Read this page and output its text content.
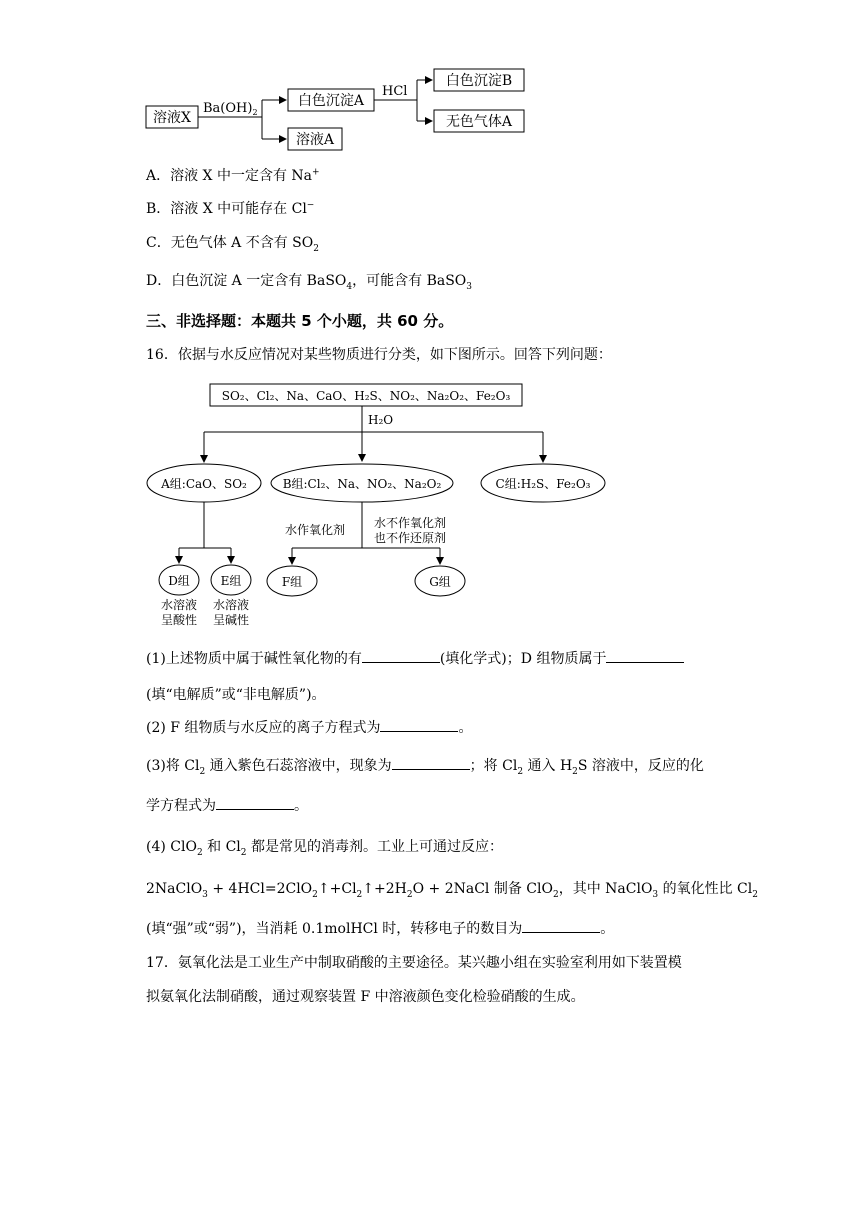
溶液X
$Ba(OH)_2$
白色沉淀A
溶液A
HCl
白色沉淀B
无色气体A
A．溶液 X 中一定含有 Na+
B．溶液 X 中可能存在 Cl−
C．无色气体 A 不含有 $SO_2$
D．白色沉淀 A 一定含有 BaSO$_4$，可能含有 BaSO$_3$
三、非选择题：本题共 5 个小题，共 60 分。
16．依据与水反应情况对某些物质进行分类，如下图所示。回答下列问题：
SO₂、Cl₂、Na、CaO、H₂S、NO₂、Na₂O₂、Fe₂O₃
H₂O
A组:CaO、SO₂	B组:Cl₂、Na、NO₂、Na₂O₂	C组:H₂S、Fe₂O₃
D组	E组
水溶液
呈酸性
水溶液
呈碱性
水作氧化剂 水不作氧化剂
也不作还原剂
F组	G组
(1)上述物质中属于碱性氧化物的有	(填化学式)；D 组物质属于
(填“电解质”或“非电解质”)。
(2) F 组物质与水反应的离子方程式为	。
(3)将 $Cl_2$ 通入紫色石蕊溶液中，现象为	；将 $Cl_2$ 通入 $H_2S$ 溶液中，反应的化
学方程式为	。
(4) ClO$_2$ 和 $Cl_2$ 都是常见的消毒剂。工业上可通过反应：
2NaClO$_3$ + $4HCl=2ClO_2↑+Cl_2↑+2H_2O$ + 2NaCl 制备 ClO$_2$，其中 NaClO$_3$ 的氧化性比 $Cl_2$
(填“强”或“弱”)，当消耗 0.1molHCl 时，转移电子的数目为	。
17．氨氧化法是工业生产中制取硝酸的主要途径。某兴趣小组在实验室利用如下装置模
拟氨氧化法制硝酸，通过观察装置 F 中溶液颜色变化检验硝酸的生成。
